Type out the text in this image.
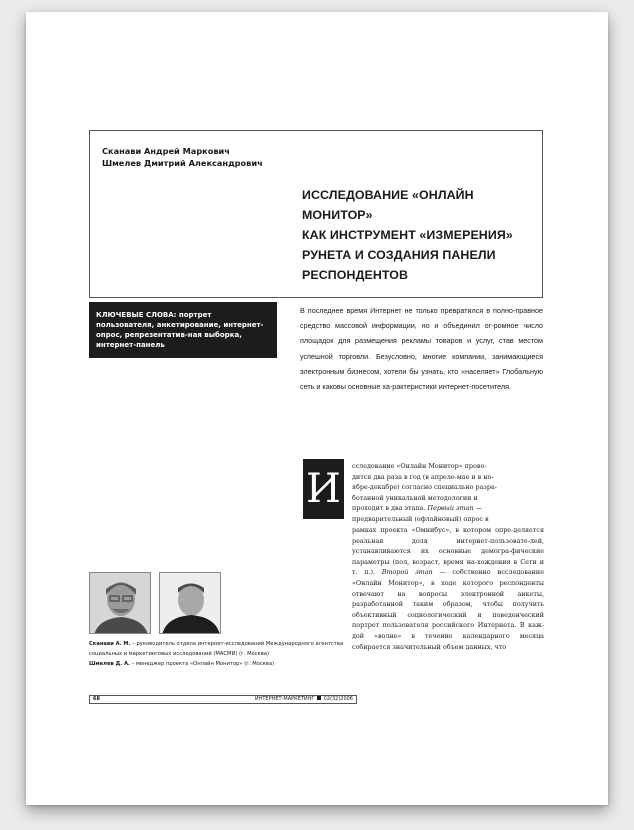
Сканави Андрей Маркович
Шмелев Дмитрий Александрович
ИССЛЕДОВАНИЕ «ОНЛАЙН МОНИТОР»
КАК ИНСТРУМЕНТ «ИЗМЕРЕНИЯ»
РУНЕТА И СОЗДАНИЯ ПАНЕЛИ
РЕСПОНДЕНТОВ
КЛЮЧЕВЫЕ СЛОВА: портрет пользователя, анкетирование, интернет-опрос, репрезентатив-ная выборка, интернет-панель
В последнее время Интернет не только превратился в полно-правное средство массовой информации, но и объединил ог-ромное число площадок для размещения рекламы товаров и услуг, став местом успешной торговли. Безусловно, многие компании, занимающиеся электронным бизнесом, хотели бы узнать, кто «населяет» Глобальную сеть и каковы основные ха-рактеристики интернет-посетителя.
И	сследование «Онлайн Монитор» прово-

дится два раза в год (в апреле-мае и в но-

ябре-декабре) согласно специально разра-

ботанной уникальной методологии и

проходит в два этапа. Первый этап —

предварительный (офлайновый) опрос в

рамках проекта «Омнибус», в котором опре-деляется реальная доля интернет-пользовате-лей, устанавливаются их основные демогра-фические параметры (пол, возраст, время на-хождения в Сети и т. п.). Второй этап — собственно исследование «Онлайн Монитор», в ходе которого респонденты отвечают на вопросы электронной анкеты, разработанной таким образом, чтобы получить объективный социологический и поведенческий портрет пользователя российского Интернета. В каж-дой «волне» в течение календарного месяца собирается значительный объем данных, что

Сканави А. М. – руководитель отдела интернет-исследований Международного агентства социальных и маркетинговых исследований (МАСМИ) (г. Москва)
Шмелев Д. А. – менеджер проекта «Онлайн Монитор» (г. Москва)
68	ИНТЕРНЕТ-МАРКЕТИНГ 02(32)2006
